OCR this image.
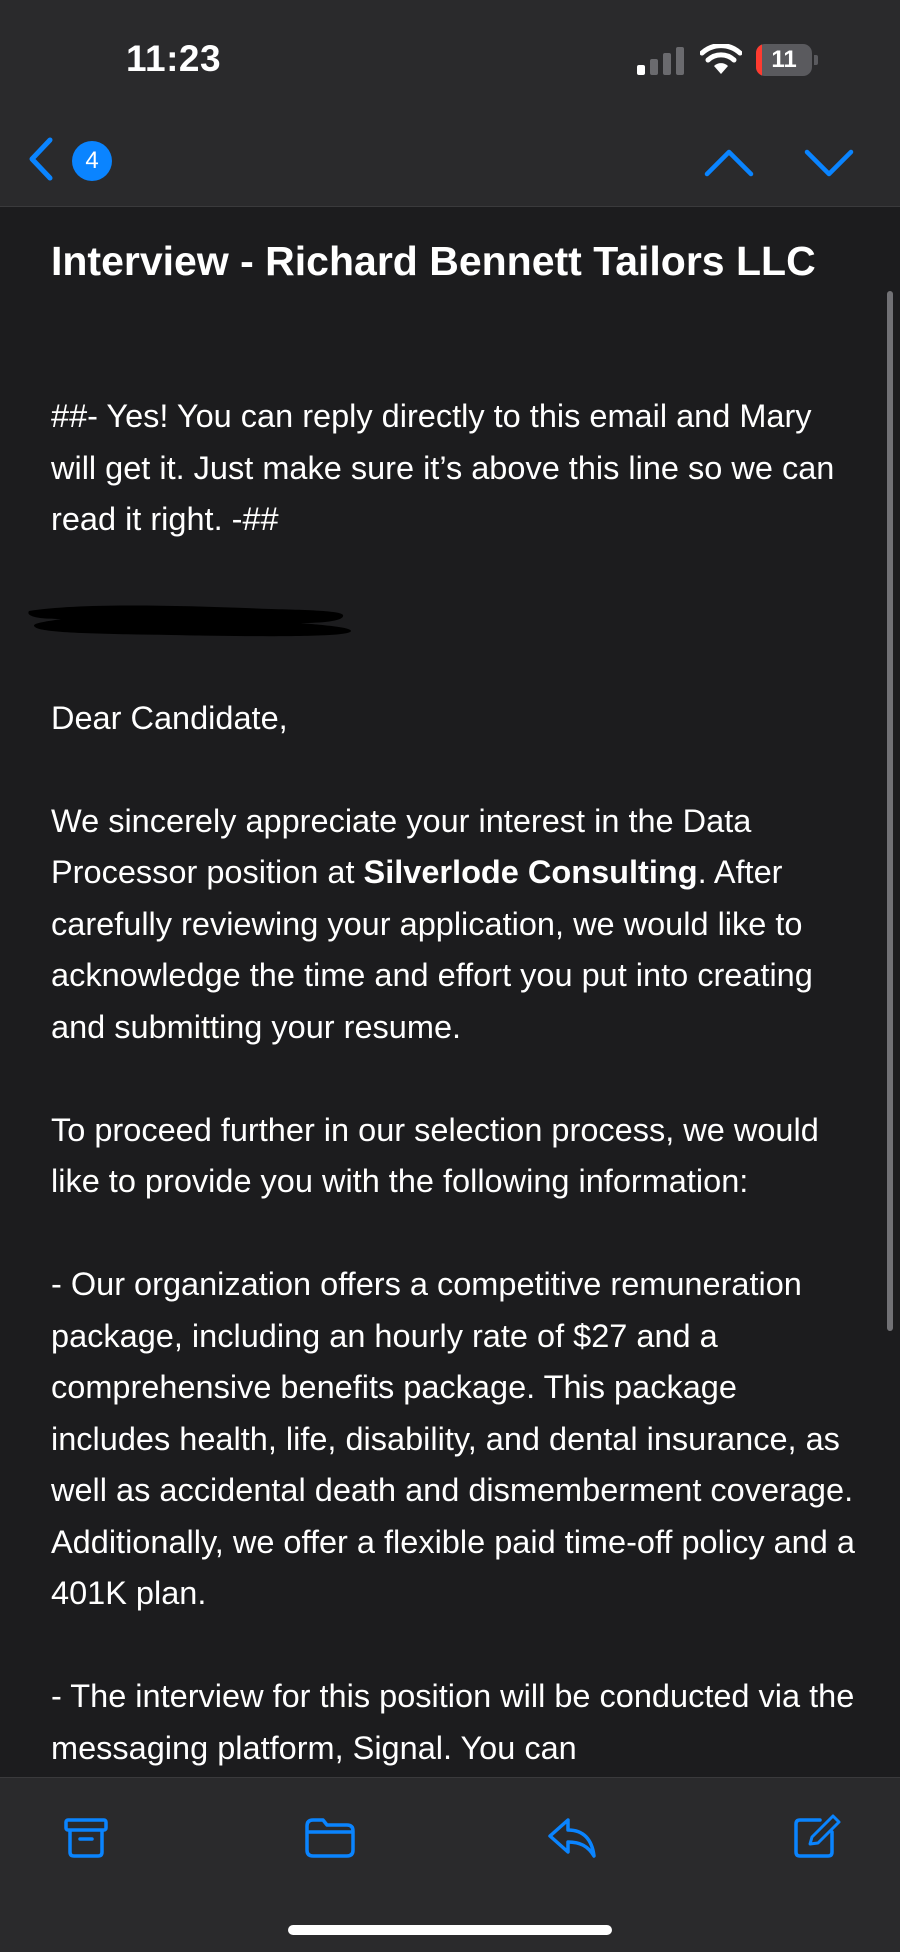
11:23	11
4
Interview - Richard Bennett Tailors LLC

##- Yes! You can reply directly to this email and Mary will get it. Just make sure it’s above this line so we can read it right. -##

Dear Candidate,

We sincerely appreciate your interest in the Data Processor position at Silverlode Consulting. After carefully reviewing your application, we would like to acknowledge the time and effort you put into creating and submitting your resume.

To proceed further in our selection process, we would like to provide you with the following information:

- Our organization offers a competitive remuneration package, including an hourly rate of $27 and a comprehensive benefits package. This package includes health, life, disability, and dental insurance, as well as accidental death and dismemberment coverage. Additionally, we offer a flexible paid time-off policy and a 401K plan.

- The interview for this position will be conducted via the messaging platform, Signal. You can
